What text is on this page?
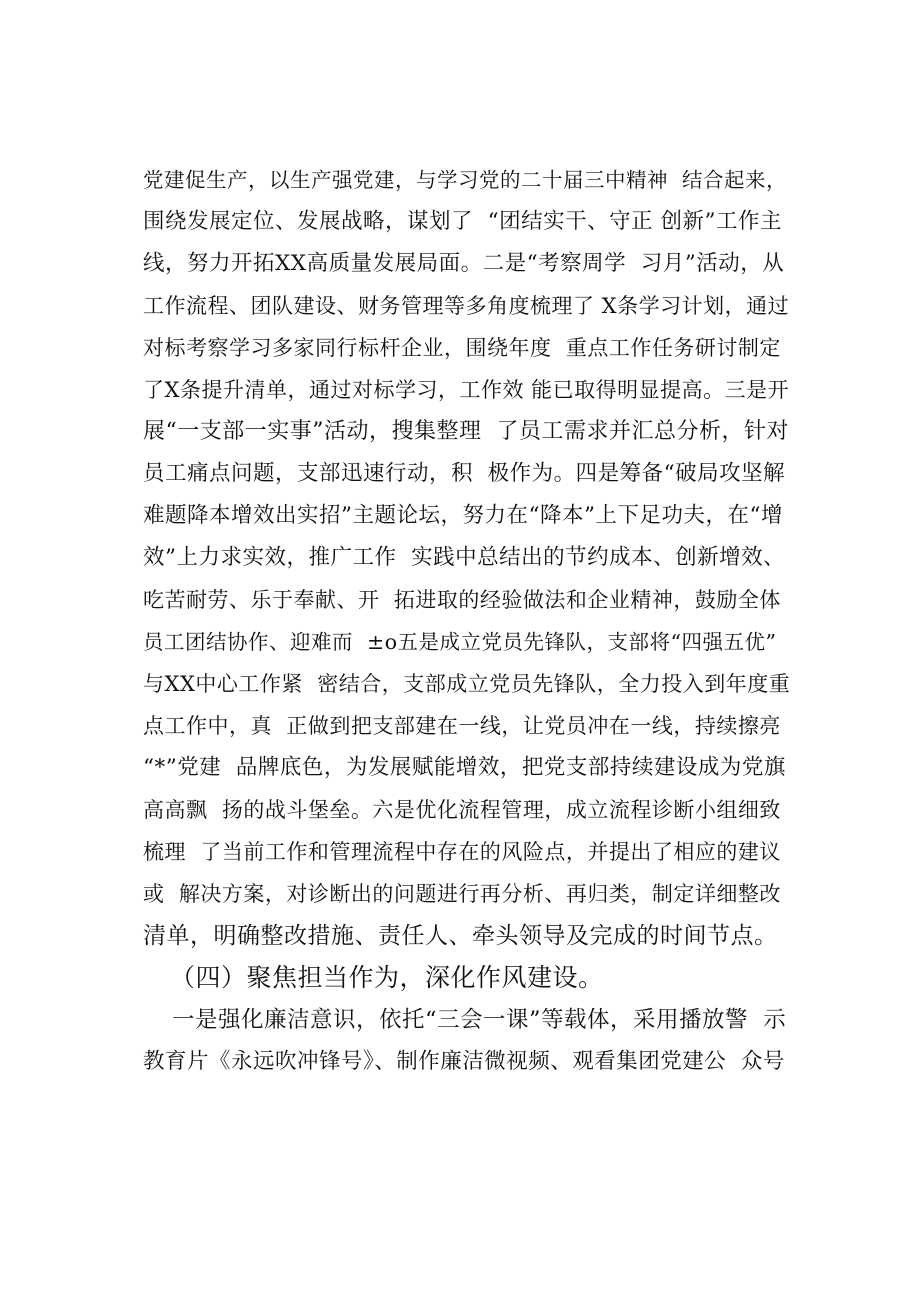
党建促生产，以生产强党建，与学习党的二十届三中精神  结合起来，

围绕发展定位、发展战略，谋划了  “团结实干、守正 创新”工作主

线，努力开拓XX高质量发展局面。二是“考察周学  习月”活动，从

工作流程、团队建设、财务管理等多角度梳理了 X条学习计划，通过

对标考察学习多家同行标杆企业，围绕年度  重点工作任务研讨制定

了X条提升清单，通过对标学习，工作效 能已取得明显提高。三是开

展“一支部一实事”活动，搜集整理  了员工需求并汇总分析，针对

员工痛点问题，支部迅速行动，积  极作为。四是筹备“破局攻坚解

难题降本增效出实招”主题论坛，努力在“降本”上下足功夫，在“增

效”上力求实效，推广工作  实践中总结出的节约成本、创新增效、

吃苦耐劳、乐于奉献、开  拓进取的经验做法和企业精神，鼓励全体

员工团结协作、迎难而  ±o五是成立党员先锋队，支部将“四强五优”

与XX中心工作紧  密结合，支部成立党员先锋队，全力投入到年度重

点工作中，真  正做到把支部建在一线，让党员冲在一线，持续擦亮

“*”党建  品牌底色，为发展赋能增效，把党支部持续建设成为党旗

高高飘  扬的战斗堡垒。六是优化流程管理，成立流程诊断小组细致

梳理  了当前工作和管理流程中存在的风险点，并提出了相应的建议

或  解决方案，对诊断出的问题进行再分析、再归类，制定详细整改

清单，明确整改措施、责任人、牵头领导及完成的时间节点。

（四）聚焦担当作为，深化作风建设。

一是强化廉洁意识，依托“三会一课”等载体，采用播放警  示

教育片《永远吹冲锋号》、制作廉洁微视频、观看集团党建公  众号
